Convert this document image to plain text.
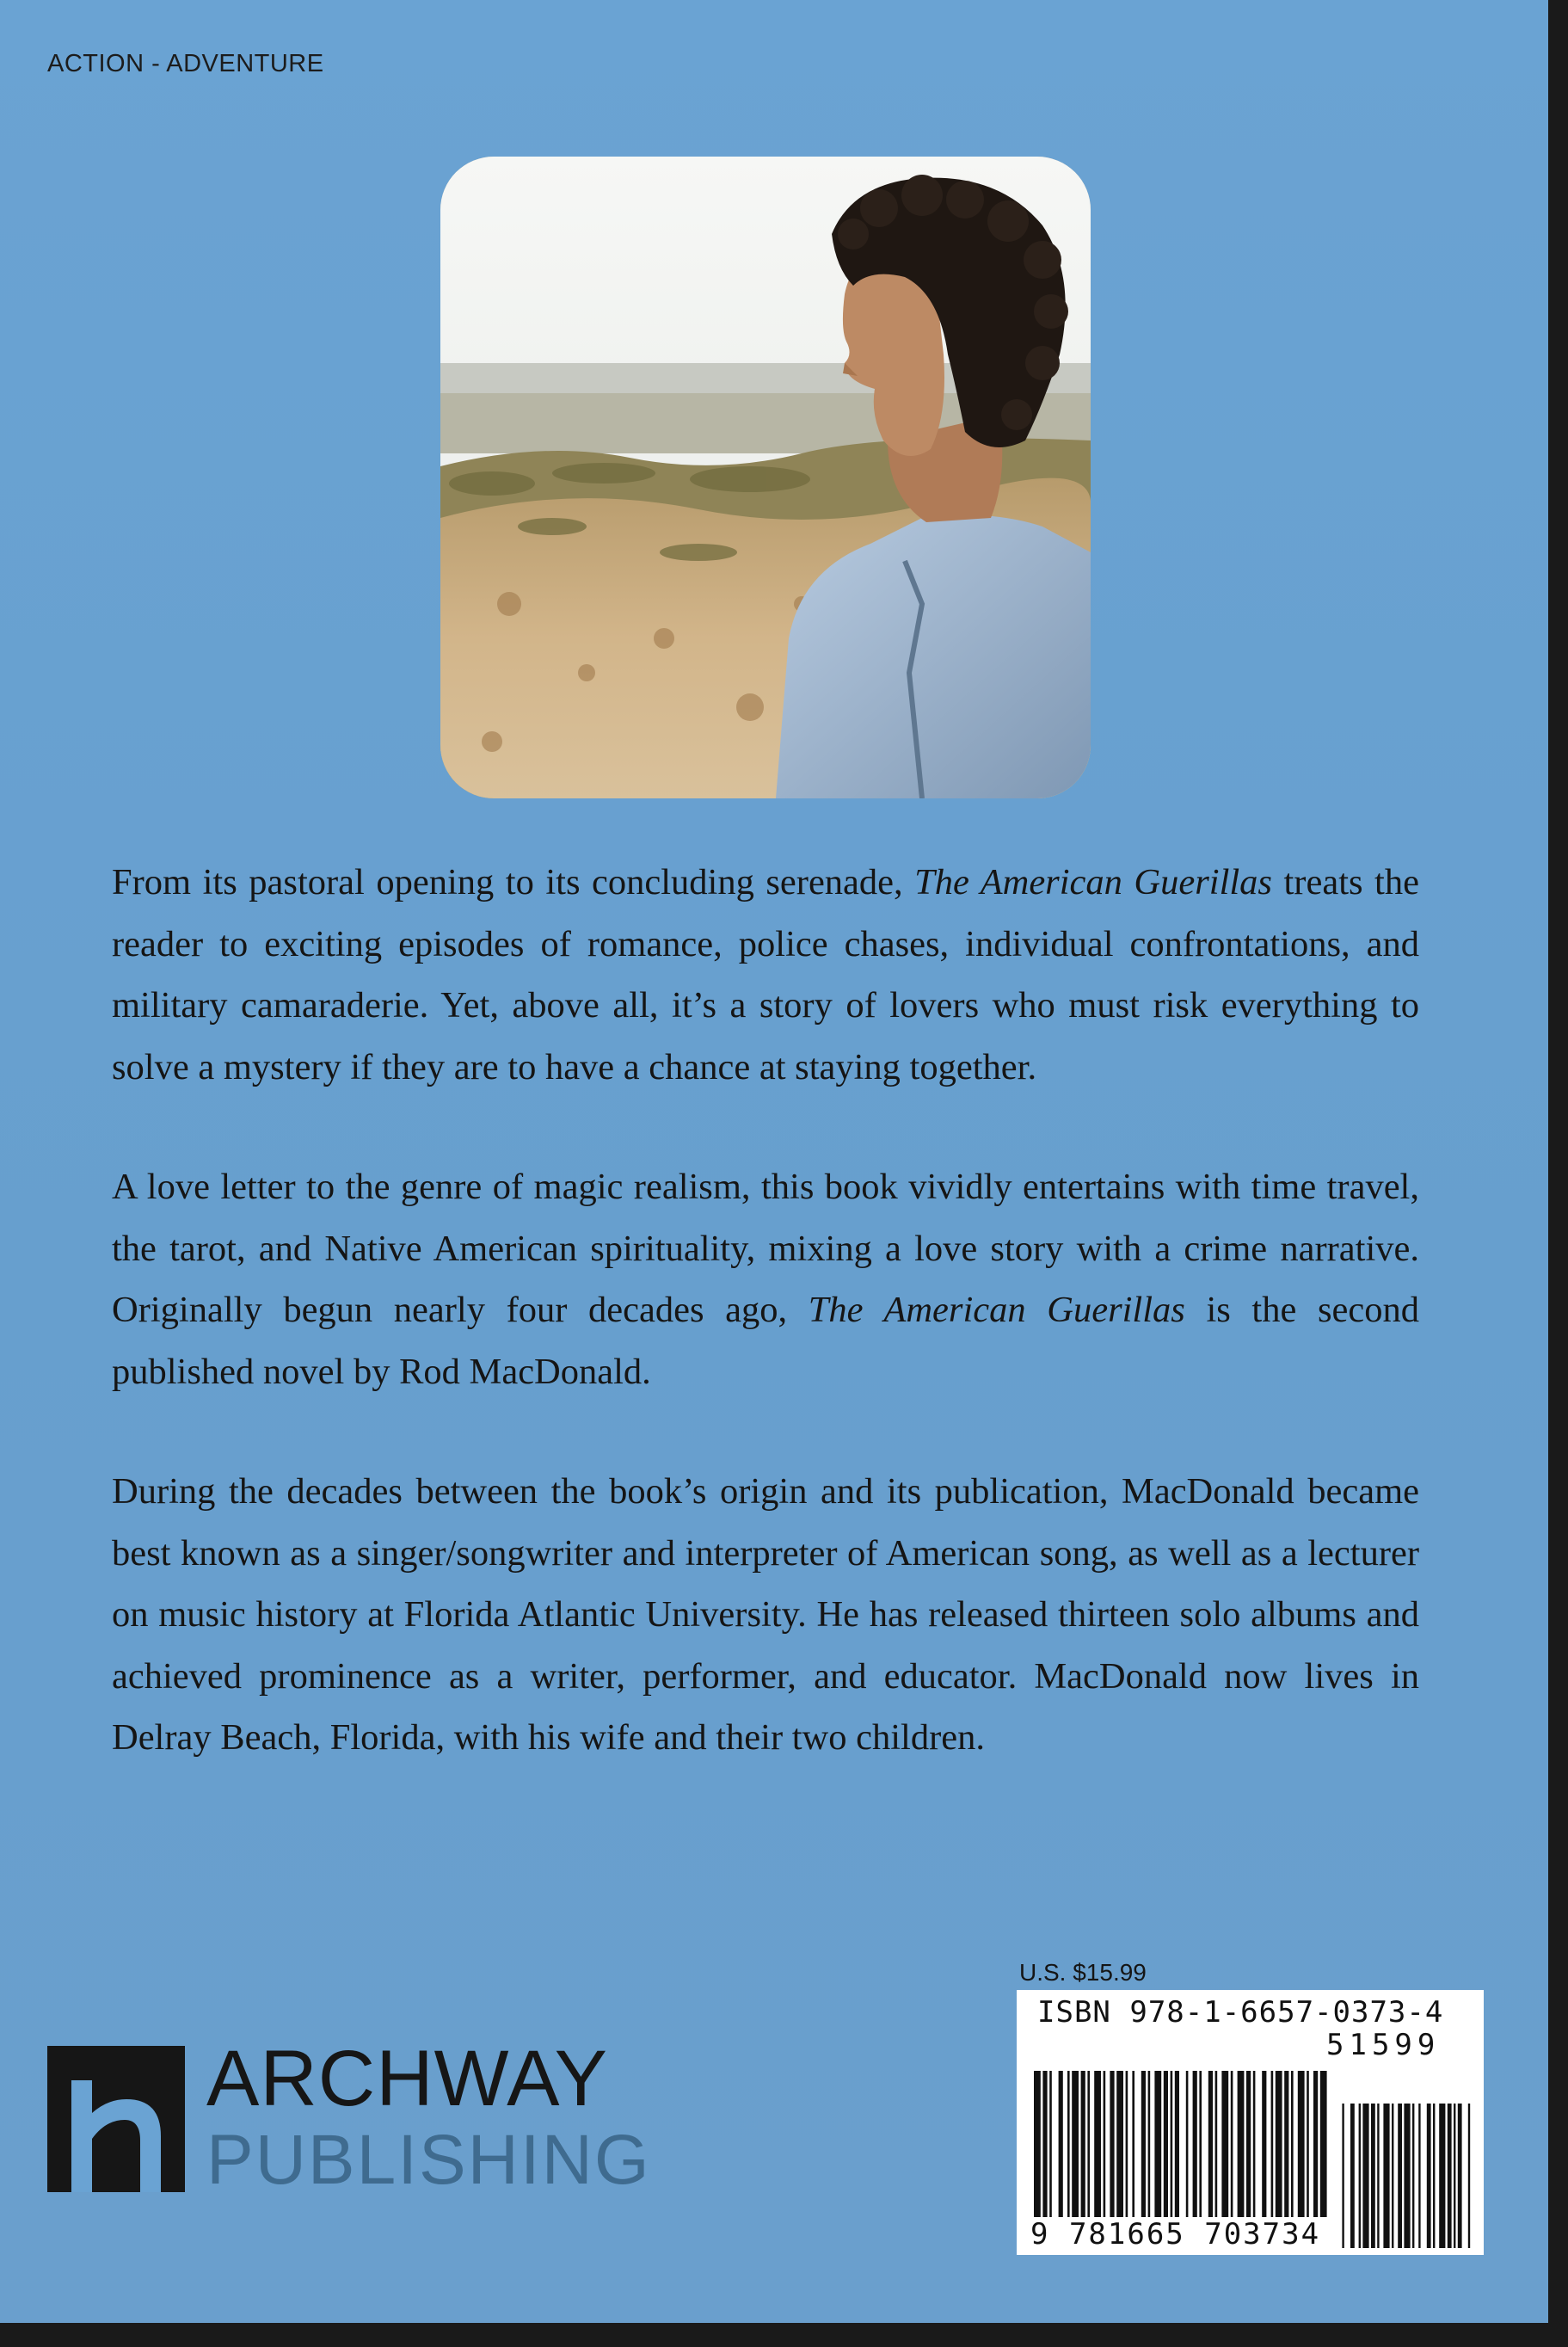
ACTION - ADVENTURE

From its pastoral opening to its concluding serenade, The American Guerillas treats the reader to exciting episodes of romance, police chases, individual confrontations, and military camaraderie. Yet, above all, it’s a story of lovers who must risk everything to solve a mystery if they are to have a chance at staying together.

A love letter to the genre of magic realism, this book vividly entertains with time travel, the tarot, and Native American spirituality, mixing a love story with a crime narrative. Originally begun nearly four decades ago, The American Guerillas is the second published novel by Rod MacDonald.

During the decades between the book’s origin and its publication, MacDonald became best known as a singer/songwriter and interpreter of American song, as well as a lecturer on music history at Florida Atlantic University. He has released thirteen solo albums and achieved prominence as a writer, performer, and educator. MacDonald now lives in Delray Beach, Florida, with his wife and their two children.

ARCHWAY
PUBLISHING
U.S. $15.99
ISBN 978-1-6657-0373-4
51599
9 781665 703734
